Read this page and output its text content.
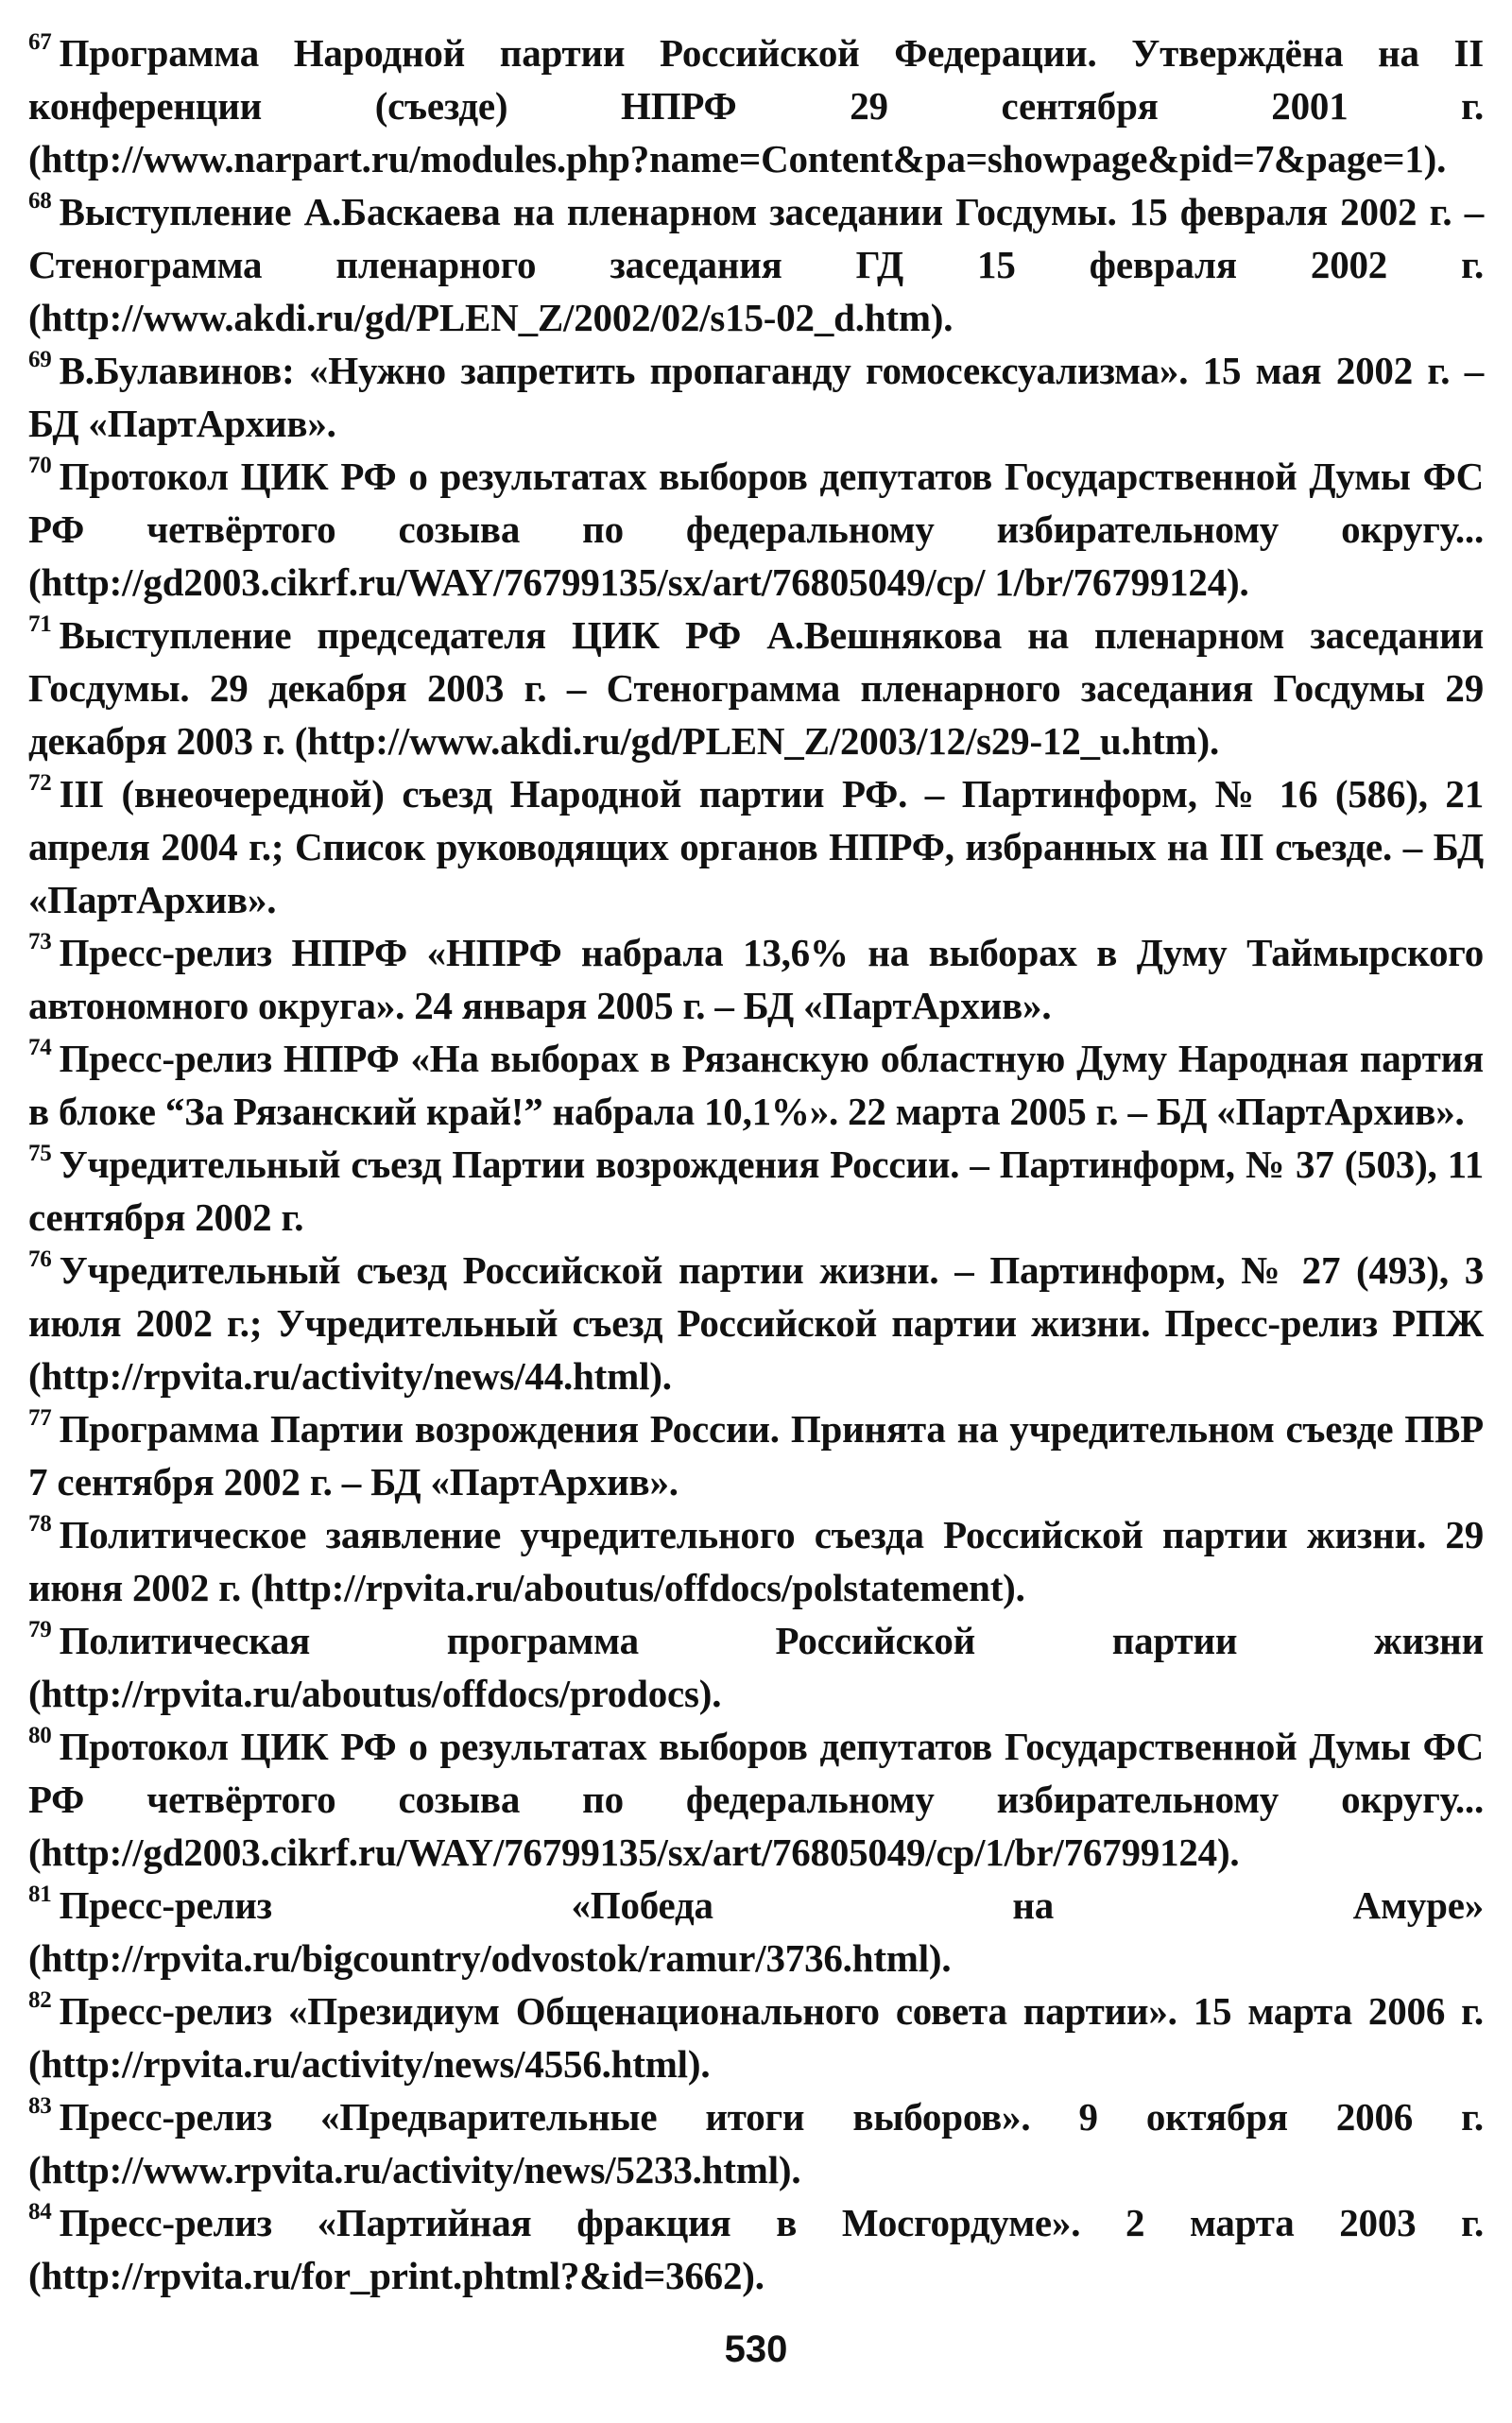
$^{67}$ Программа Народной партии Российской Федерации. Утверждёна на II конференции (съезде) НПРФ 29 сентября 2001 г. (http://www.narpart.ru/modules.php?name=Content&pa=showpage&pid=7&page=1).

$^{68}$ Выступление А.Баскаева на пленарном заседании Госдумы. 15 февраля 2002 г. – Стенограмма пленарного заседания ГД 15 февраля 2002 г. (http://www.akdi.ru/gd/PLEN_Z/2002/02/s15-02_d.htm).

$^{69}$ В.Булавинов: «Нужно запретить пропаганду гомосексуализма». 15 мая 2002 г. – БД «ПартАрхив».

$^{70}$ Протокол ЦИК РФ о результатах выборов депутатов Государственной Думы ФС РФ четвёртого созыва по федеральному избирательному округу... (http://gd2003.cikrf.ru/WAY/76799135/sx/art/76805049/cp/ 1/br/76799124).

$^{71}$ Выступление председателя ЦИК РФ А.Вешнякова на пленарном заседании Госдумы. 29 декабря 2003 г. – Стенограмма пленарного заседания Госдумы 29 декабря 2003 г. (http://www.akdi.ru/gd/PLEN_Z/2003/12/s29-12_u.htm).

$^{72}$ III (внеочередной) съезд Народной партии РФ. – Партинформ, № 16 (586), 21 апреля 2004 г.; Список руководящих органов НПРФ, избранных на III съезде. – БД «ПартАрхив».

$^{73}$ Пресс-релиз НПРФ «НПРФ набрала 13,6% на выборах в Думу Таймырского автономного округа». 24 января 2005 г. – БД «ПартАрхив».

$^{74}$ Пресс-релиз НПРФ «На выборах в Рязанскую областную Думу Народная партия в блоке “За Рязанский край!” набрала 10,1%». 22 марта 2005 г. – БД «ПартАрхив».

$^{75}$ Учредительный съезд Партии возрождения России. – Партинформ, № 37 (503), 11 сентября 2002 г.

$^{76}$ Учредительный съезд Российской партии жизни. – Партинформ, № 27 (493), 3 июля 2002 г.; Учредительный съезд Российской партии жизни. Пресс-релиз РПЖ (http://rpvita.ru/activity/news/44.html).

$^{77}$ Программа Партии возрождения России. Принята на учредительном съезде ПВР 7 сентября 2002 г. – БД «ПартАрхив».

$^{78}$ Политическое заявление учредительного съезда Российской партии жизни. 29 июня 2002 г. (http://rpvita.ru/aboutus/offdocs/polstatement).

$^{79}$ Политическая программа Российской партии жизни (http://rpvita.ru/aboutus/offdocs/prodocs).

$^{80}$ Протокол ЦИК РФ о результатах выборов депутатов Государственной Думы ФС РФ четвёртого созыва по федеральному избирательному округу... (http://gd2003.cikrf.ru/WAY/76799135/sx/art/76805049/cp/1/br/76799124).

$^{81}$ Пресс-релиз «Победа на Амуре» (http://rpvita.ru/bigcountry/odvostok/ramur/3736.html).

$^{82}$ Пресс-релиз «Президиум Общенационального совета партии». 15 марта 2006 г. (http://rpvita.ru/activity/news/4556.html).

$^{83}$ Пресс-релиз «Предварительные итоги выборов». 9 октября 2006 г. (http://www.rpvita.ru/activity/news/5233.html).

$^{84}$ Пресс-релиз «Партийная фракция в Мосгордуме». 2 марта 2003 г. (http://rpvita.ru/for_print.phtml?&id=3662).

530
